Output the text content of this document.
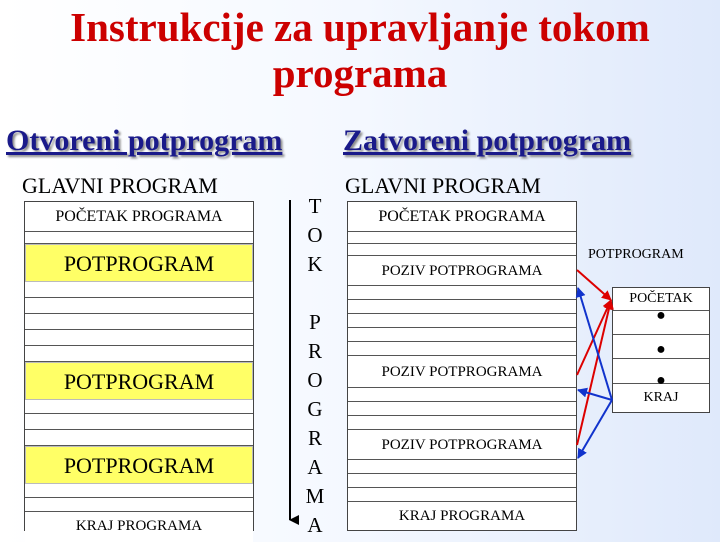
Instrukcije za upravljanje tokom
programa
Otvoreni potprogram Zatvoreni potprogram
GLAVNI PROGRAM
POČETAK PROGRAMA
POTPROGRAM
POTPROGRAM
POTPROGRAM
KRAJ PROGRAMA
T
O
K
P
R
O
G
R
A
M
A
GLAVNI PROGRAM
POČETAK PROGRAMA
POZIV POTPROGRAMA
POZIV POTPROGRAMA
POZIV POTPROGRAMA
KRAJ PROGRAMA
POTPROGRAM
POČETAK
●
●
●
KRAJ
